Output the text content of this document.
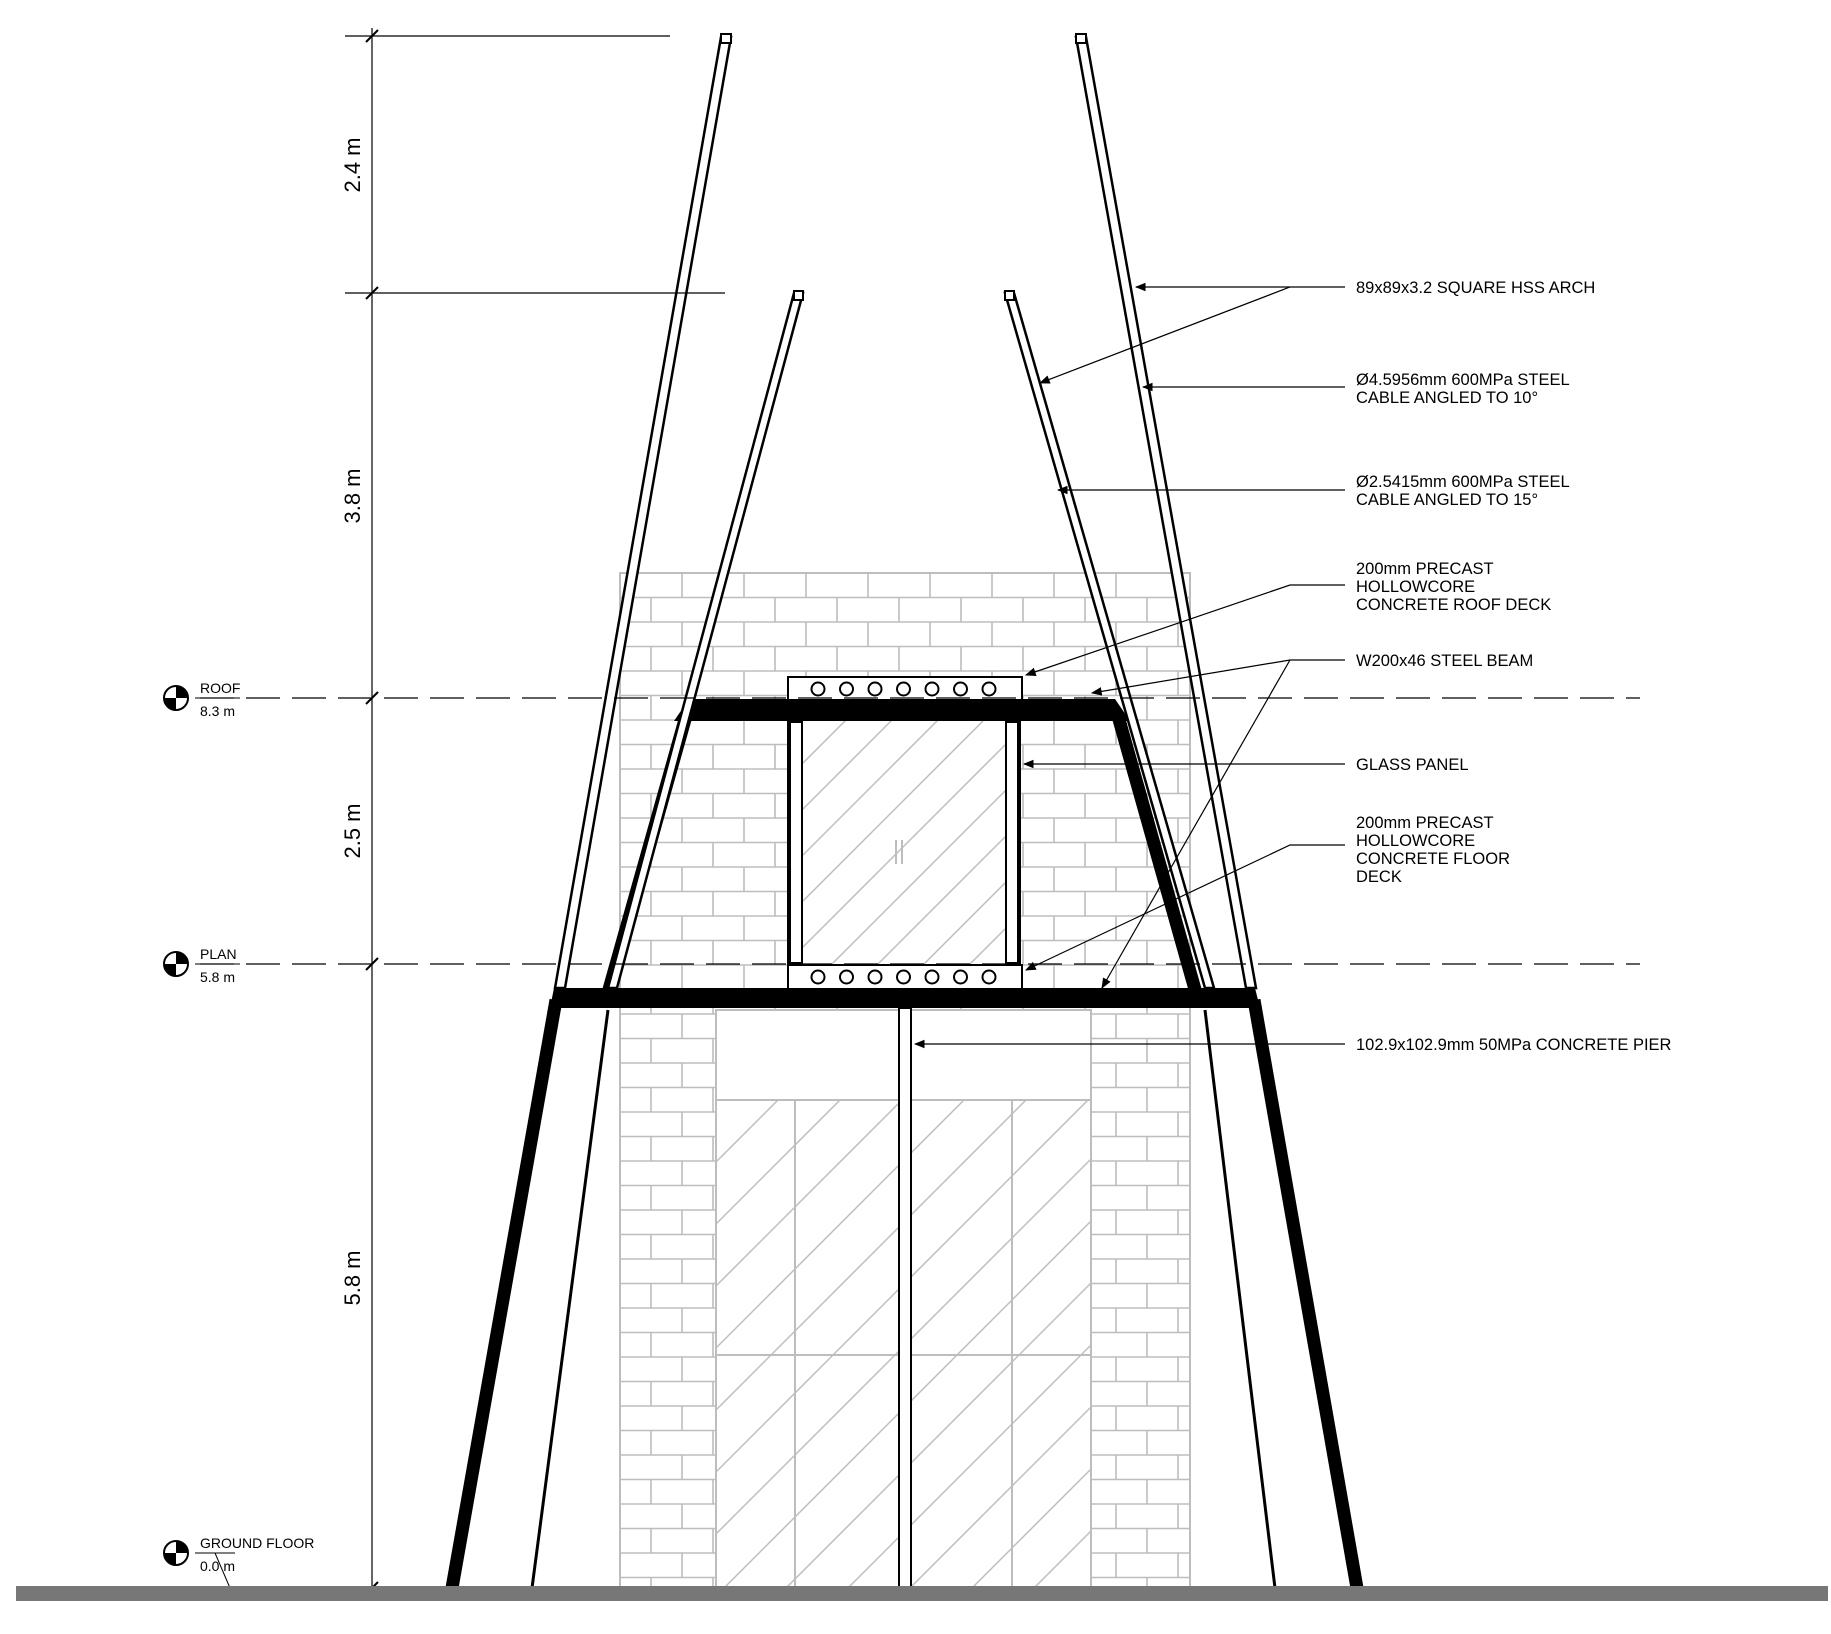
ROOF
8.3 m
PLAN
5.8 m
GROUND FLOOR
0.0 m
2.4 m
3.8 m
2.5 m
5.8 m
89x89x3.2 SQUARE HSS ARCH
Ø4.5956mm 600MPa STEEL
CABLE ANGLED TO 10°
Ø2.5415mm 600MPa STEEL
CABLE ANGLED TO 15°
200mm PRECAST
HOLLOWCORE
CONCRETE ROOF DECK
W200x46 STEEL BEAM
GLASS PANEL
200mm PRECAST
HOLLOWCORE
CONCRETE FLOOR
DECK
102.9x102.9mm 50MPa CONCRETE PIER
